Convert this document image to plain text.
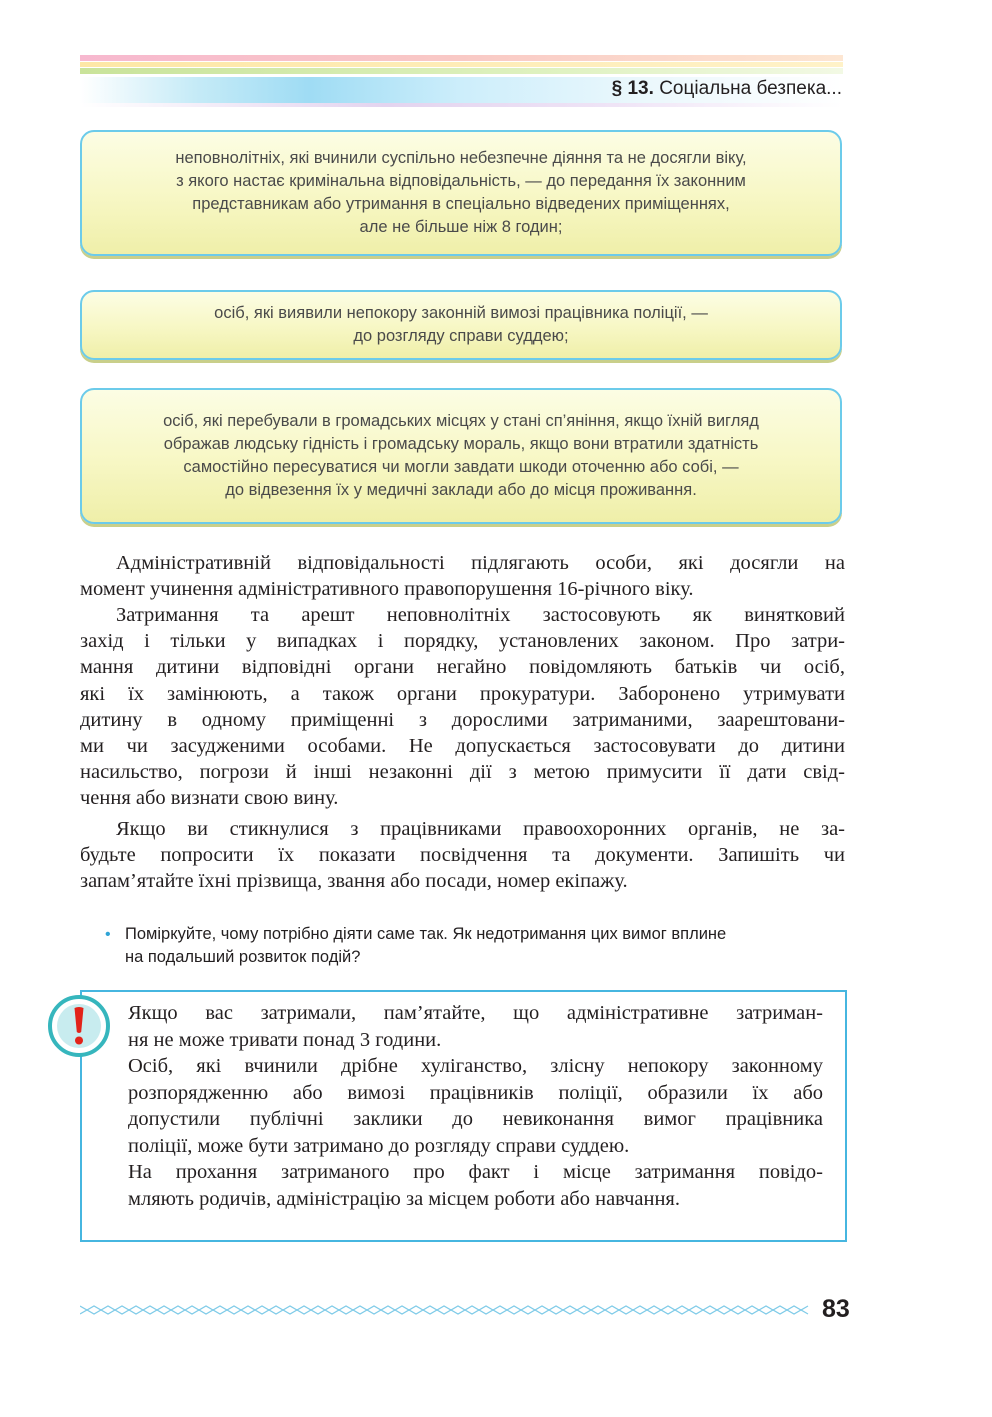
§ 13. Соціальна безпека...
неповнолітніх, які вчинили суспільно небезпечне діяння та не досягли віку,
з якого настає кримінальна відповідальність, — до передання їх законним
представникам або утримання в спеціально відведених приміщеннях,
але не більше ніж 8 годин;
осіб, які виявили непокору законній вимозі працівника поліції, —
до розгляду справи суддею;
осіб, які перебували в громадських місцях у стані сп’яніння, якщо їхній вигляд
ображав людську гідність і громадську мораль, якщо вони втратили здатність
самостійно пересуватися чи могли завдати шкоди оточенню або собі, —
до відвезення їх у медичні заклади або до місця проживання.
Адміністративній відповідальності підлягають особи, які досягли на
момент учинення адміністративного правопорушення 16-річного віку.
Затримання та арешт неповнолітніх застосовують як винятковий
захід і тільки у випадках і порядку, установлених законом. Про затри-
мання дитини відповідні органи негайно повідомляють батьків чи осіб,
які їх замінюють, а також органи прокуратури. Заборонено утримувати
дитину в одному приміщенні з дорослими затриманими, заарештовани-
ми чи засудженими особами. Не допускається застосовувати до дитини
насильство, погрози й інші незаконні дії з метою примусити її дати свід-
чення або визнати свою вину.
Якщо ви стикнулися з працівниками правоохоронних органів, не за-
будьте попросити їх показати посвідчення та документи. Запишіть чи
запам’ятайте їхні прізвища, звання або посади, номер екіпажу.
• Поміркуйте, чому потрібно діяти саме так. Як недотримання цих вимог вплине
на подальший розвиток подій?
Якщо вас затримали, пам’ятайте, що адміністративне затриман-
ня не може тривати понад 3 години.
Осіб, які вчинили дрібне хуліганство, злісну непокору законному
розпорядженню або вимозі працівників поліції, образили їх або
допустили публічні заклики до невиконання вимог працівника
поліції, може бути затримано до розгляду справи суддею.
На прохання затриманого про факт і місце затримання повідо-
мляють родичів, адміністрацію за місцем роботи або навчання.
83
